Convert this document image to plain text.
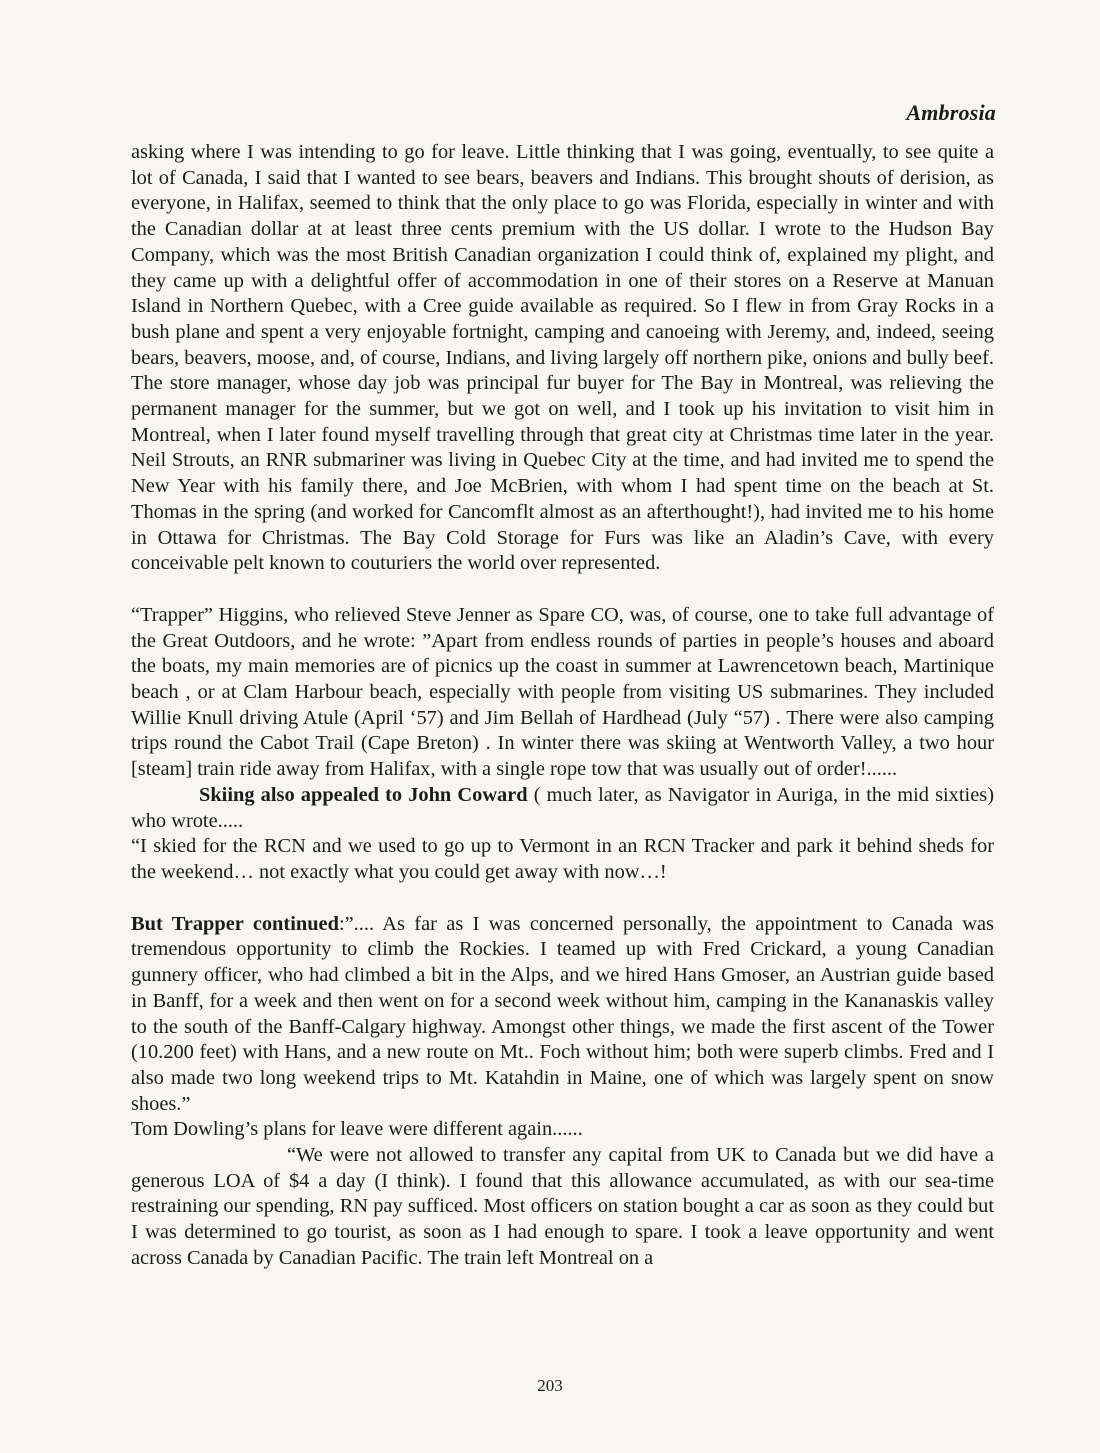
Ambrosia

asking where I was intending to go for leave. Little thinking that I was going, eventually, to see quite a lot of Canada, I said that I wanted to see bears, beavers and Indians. This brought shouts of derision, as everyone, in Halifax, seemed to think that the only place to go was Florida, especially in winter and with the Canadian dollar at at least three cents premium with the US dollar. I wrote to the Hudson Bay Company, which was the most British Canadian organization I could think of, explained my plight, and they came up with a delightful offer of accommodation in one of their stores on a Reserve at Manuan Island in Northern Quebec, with a Cree guide available as required. So I flew in from Gray Rocks in a bush plane and spent a very enjoyable fortnight, camping and canoeing with Jeremy, and, indeed, seeing bears, beavers, moose, and, of course, Indians, and living largely off northern pike, onions and bully beef. The store manager, whose day job was principal fur buyer for The Bay in Montreal, was relieving the permanent manager for the summer, but we got on well, and I took up his invitation to visit him in Montreal, when I later found myself travelling through that great city at Christmas time later in the year. Neil Strouts, an RNR submariner was living in Quebec City at the time, and had invited me to spend the New Year with his family there, and Joe McBrien, with whom I had spent time on the beach at St. Thomas in the spring (and worked for Cancomflt almost as an afterthought!), had invited me to his home in Ottawa for Christmas. The Bay Cold Storage for Furs was like an Aladin’s Cave, with every conceivable pelt known to couturiers the world over represented.

“Trapper” Higgins, who relieved Steve Jenner as Spare CO, was, of course, one to take full advantage of the Great Outdoors, and he wrote: ”Apart from endless rounds of parties in people’s houses and aboard the boats, my main memories are of picnics up the coast in summer at Lawrencetown beach, Martinique beach , or at Clam Harbour beach, especially with people from visiting US submarines. They included Willie Knull driving Atule (April ‘57) and Jim Bellah of Hardhead (July “57) . There were also camping trips round the Cabot Trail (Cape Breton) . In winter there was skiing at Wentworth Valley, a two hour [steam] train ride away from Halifax, with a single rope tow that was usually out of order!......

Skiing also appealed to John Coward ( much later, as Navigator in Auriga, in the mid sixties) who wrote.....

“I skied for the RCN and we used to go up to Vermont in an RCN Tracker and park it behind sheds for the weekend… not exactly what you could get away with now…!

But Trapper continued:”.... As far as I was concerned personally, the appointment to Canada was tremendous opportunity to climb the Rockies. I teamed up with Fred Crickard, a young Canadian gunnery officer, who had climbed a bit in the Alps, and we hired Hans Gmoser, an Austrian guide based in Banff, for a week and then went on for a second week without him, camping in the Kananaskis valley to the south of the Banff-Calgary highway. Amongst other things, we made the first ascent of the Tower (10.200 feet) with Hans, and a new route on Mt.. Foch without him; both were superb climbs. Fred and I also made two long weekend trips to Mt. Katahdin in Maine, one of which was largely spent on snow shoes.”

Tom Dowling’s plans for leave were different again......

“We were not allowed to transfer any capital from UK to Canada but we did have a generous LOA of $4 a day (I think). I found that this allowance accumulated, as with our sea-time restraining our spending, RN pay sufficed. Most officers on station bought a car as soon as they could but I was determined to go tourist, as soon as I had enough to spare. I took a leave opportunity and went across Canada by Canadian Pacific. The train left Montreal on a

203
